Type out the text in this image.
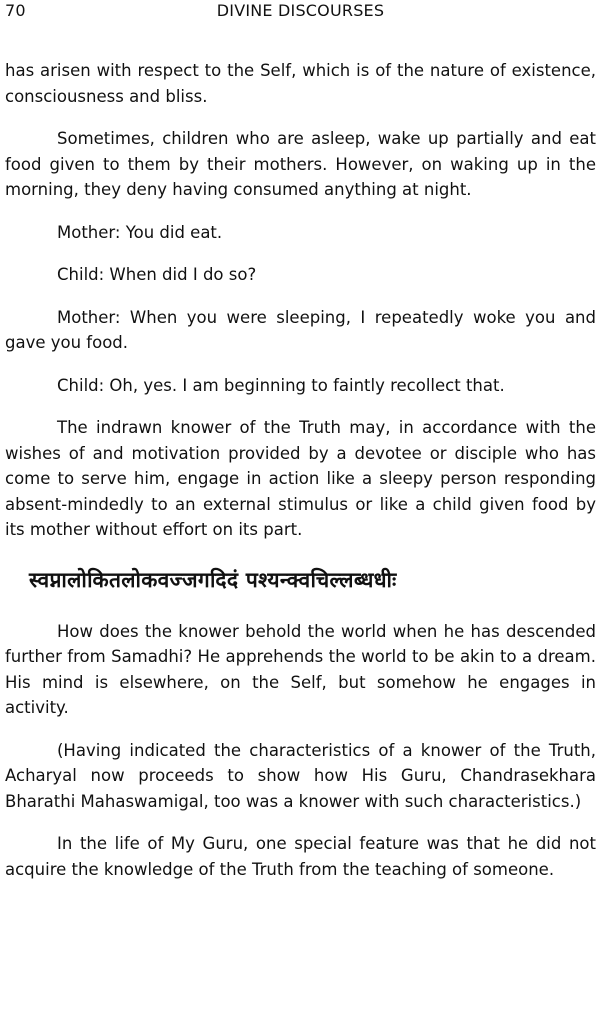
70	DIVINE DISCOURSES

has arisen with respect to the Self, which is of the nature of existence, consciousness and bliss.

Sometimes, children who are asleep, wake up partially and eat food given to them by their mothers. However, on waking up in the morning, they deny having consumed anything at night.

Mother: You did eat.

Child: When did I do so?

Mother: When you were sleeping, I repeatedly woke you and gave you food.

Child: Oh, yes. I am beginning to faintly recollect that.

The indrawn knower of the Truth may, in accordance with the wishes of and motivation provided by a devotee or disciple who has come to serve him, engage in action like a sleepy person responding absent-mindedly to an external stimulus or like a child given food by its mother without effort on its part.

स्वप्नालोकितलोकवज्जगदिदं पश्यन्क्वचिल्लब्धधीः

How does the knower behold the world when he has descended further from Samadhi? He apprehends the world to be akin to a dream. His mind is elsewhere, on the Self, but somehow he engages in activity.

(Having indicated the characteristics of a knower of the Truth, Acharyal now proceeds to show how His Guru, Chandrasekhara Bharathi Mahaswamigal, too was a knower with such characteristics.)

In the life of My Guru, one special feature was that he did not acquire the knowledge of the Truth from the teaching of someone.
